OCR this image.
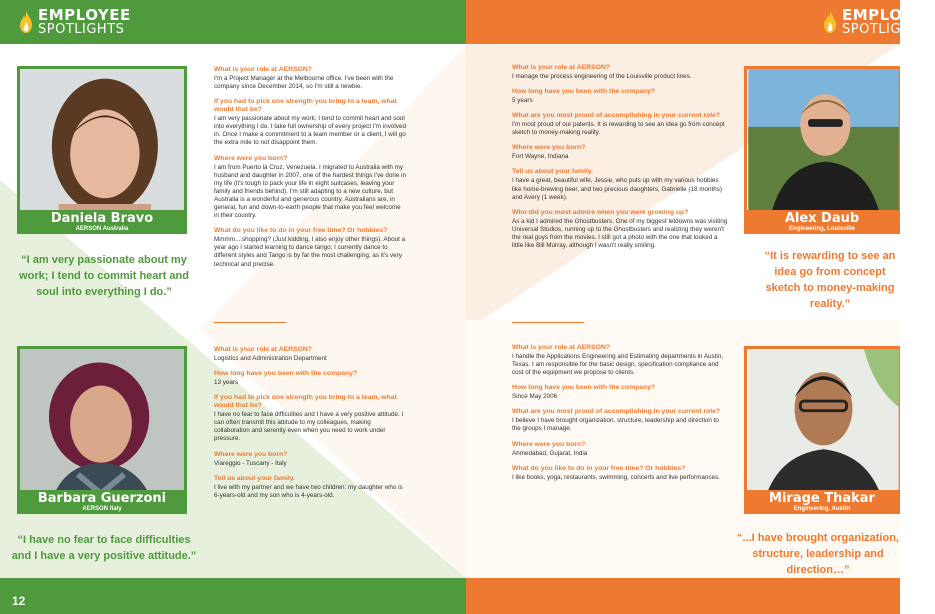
EMPLOYEE
SPOTLIGHTS
EMPLOYEE
SPOTLIGHTS
12
Daniela Bravo
AERSON Australia
“I am very passionate about my work; I tend to commit heart and soul into everything I do.”
What is your role at AERSON?
I'm a Project Manager at the Melbourne office. I've been with the company since December 2014, so I'm still a newbie.
If you had to pick one strength you bring to a team, what would that be?
I am very passionate about my work; I tend to commit heart and soul into everything I do. I take full ownership of every project I'm involved in. Once I make a commitment to a team member or a client, I will go the extra mile to not disappoint them.
Where were you born?
I am from Puerto la Cruz, Venezuela. I migrated to Australia with my husband and daughter in 2007, one of the hardest things I've done in my life (it's tough to pack your life in eight suitcases, leaving your family and friends behind). I'm still adapting to a new culture, but Australia is a wonderful and generous country. Australians are, in general, fun and down-to-earth people that make you feel welcome in their country.
What do you like to do in your free time? Or hobbies?
Mmmm....shopping? (Just kidding, I also enjoy other things). About a year ago I started learning to dance tango; I currently dance to different styles and Tango is by far the most challenging, as it's very technical and precise.
Barbara Guerzoni
AERSON Italy
“I have no fear to face difficulties and I have a very positive attitude.”
What is your role at AERSON?
Logistics and Administration Department
How long have you been with the company?
13 years
If you had to pick one strength you bring to a team, what would that be?
I have no fear to face difficulties and I have a very positive attitude. I can often transmit this attitude to my colleagues, making collaboration and serenity even when you need to work under pressure.
Where were you born?
Viareggio - Tuscany - Italy
Tell us about your family.
I live with my partner and we have two children: my daughter who is 6-years-old and my son who is 4-years-old.
What is your role at AERSON?
I manage the process engineering of the Louisville product lines.
How long have you been with the company?
5 years
What are you most proud of accomplishing in your current role?
I'm most proud of our patents. It is rewarding to see an idea go from concept sketch to money-making reality.
Where were you born?
Fort Wayne, Indiana
Tell us about your family.
I have a great, beautiful wife, Jessie, who puts up with my various hobbies like home-brewing beer, and two precious daughters, Gabrielle (18 months) and Avery (1 week).
Who did you most admire when you were growing up?
As a kid I admired the Ghostbusters. One of my biggest letdowns was visiting Universal Studios, running up to the Ghostbusters and realizing they weren't the real guys from the movies. I still got a photo with the one that looked a little like Bill Murray, although I wasn't really smiling.
Alex Daub
Engineering, Louisville
“It is rewarding to see an idea go from concept sketch to money-making reality.”
What is your role at AERSON?
I handle the Applications Engineering and Estimating departments in Austin, Texas. I am responsible for the basic design, specification compliance and cost of the equipment we propose to clients.
How long have you been with the company?
Since May 2006
What are you most proud of accomplishing in your current role?
I believe I have brought organization, structure, leadership and direction to the groups I manage.
Where were you born?
Ahmedabad, Gujarat, India
What do you like to do in your free time? Or hobbies?
I like books, yoga, restaurants, swimming, concerts and live performances.
Mirage Thakar
Engineering, Austin
“...I have brought organization, structure, leadership and direction…”
